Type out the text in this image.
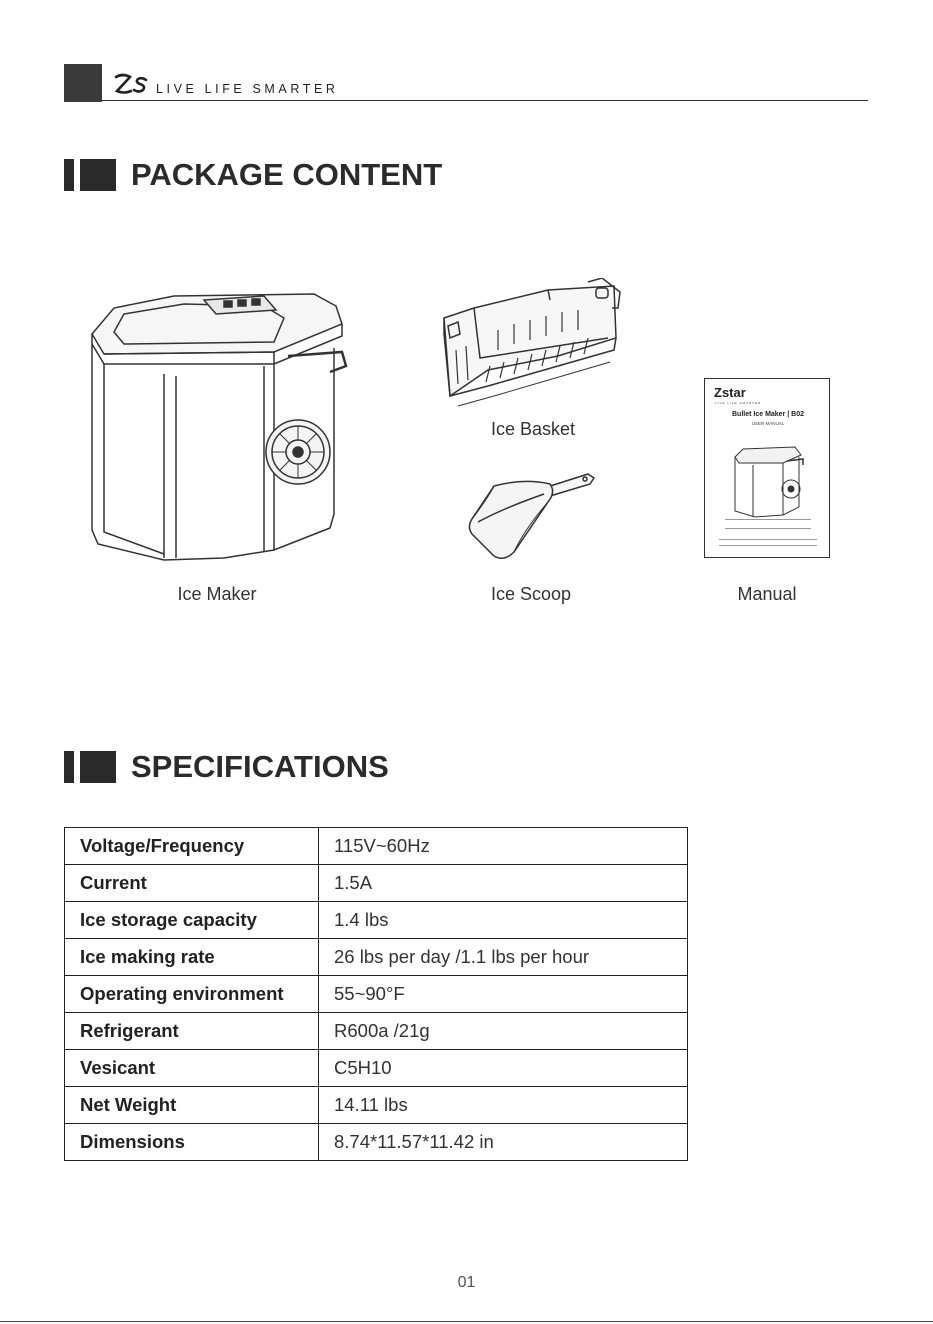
LIVE LIFE SMARTER
PACKAGE CONTENT
Ice Maker
Ice Basket
Ice Scoop
Zstar
LIVE LIFE SMARTER
Bullet Ice Maker | B02
USER MANUAL
Manual
SPECIFICATIONS
Voltage/Frequency	115V~60Hz
Current	1.5A
Ice storage capacity	1.4 lbs
Ice making rate	26 lbs per day /1.1 lbs per hour
Operating environment	55~90°F
Refrigerant	R600a /21g
Vesicant	C5H10
Net Weight	14.11 lbs
Dimensions	8.74*11.57*11.42 in
01
